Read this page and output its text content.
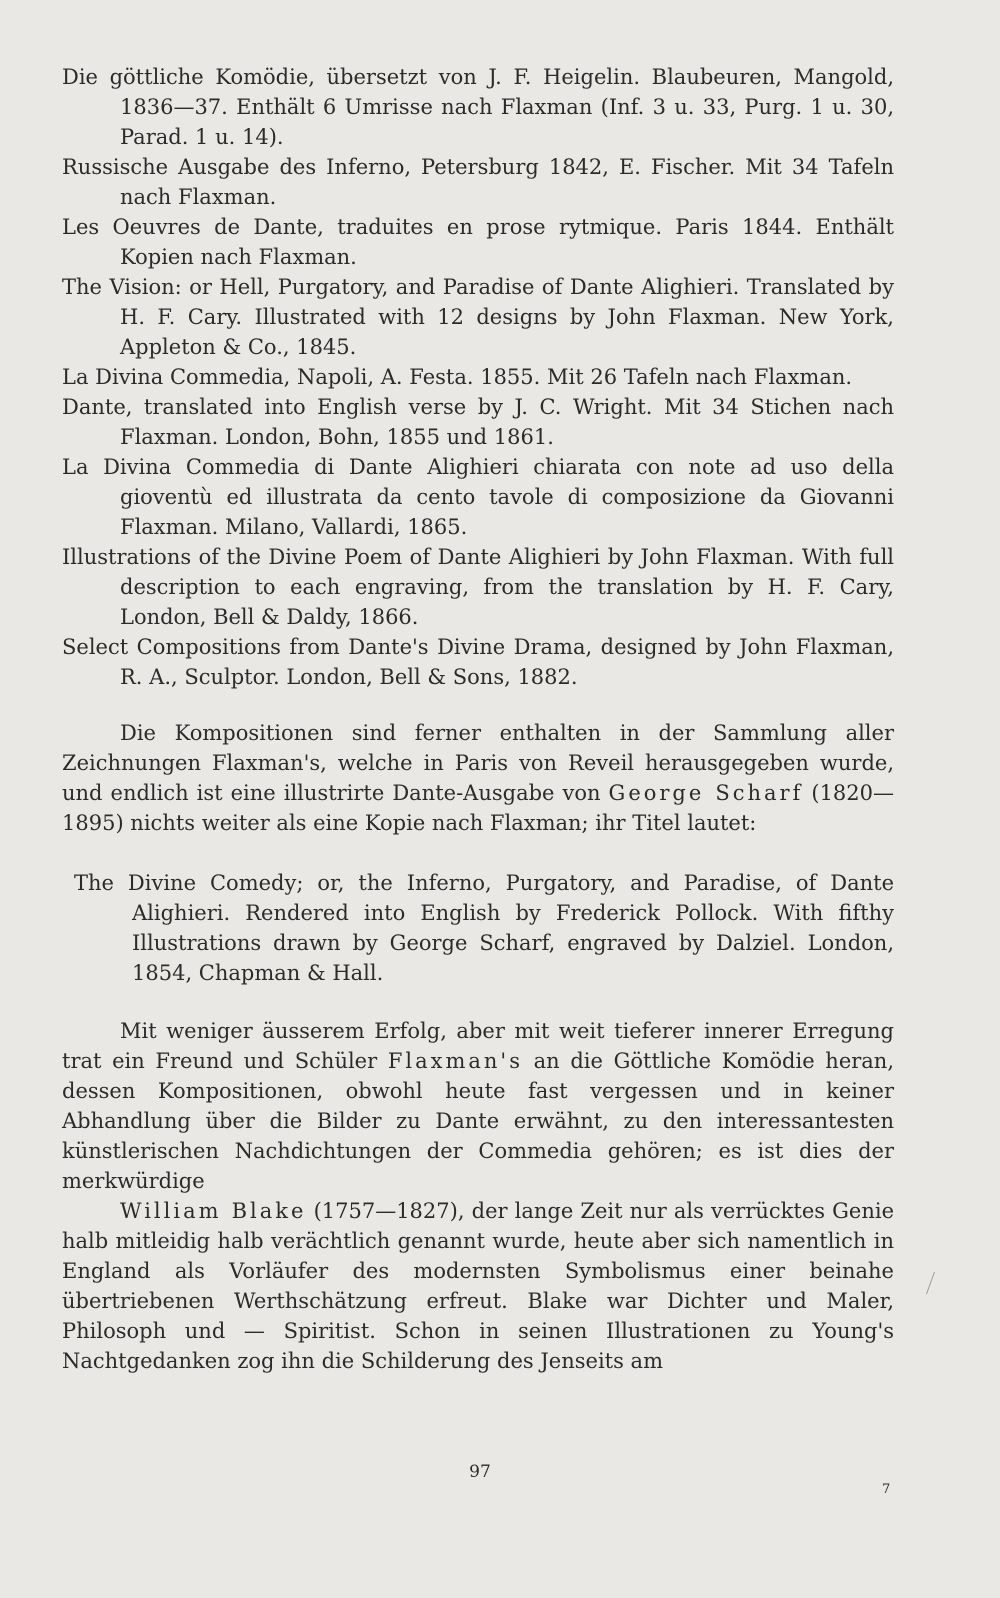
Die göttliche Komödie, übersetzt von J. F. Heigelin. Blaubeuren, Mangold, 1836—37. Enthält 6 Umrisse nach Flaxman (Inf. 3 u. 33, Purg. 1 u. 30, Parad. 1 u. 14).

Russische Ausgabe des Inferno, Petersburg 1842, E. Fischer. Mit 34 Tafeln nach Flaxman.

Les Oeuvres de Dante, traduites en prose rytmique. Paris 1844. Enthält Kopien nach Flaxman.

The Vision: or Hell, Purgatory, and Paradise of Dante Alighieri. Translated by H. F. Cary. Illustrated with 12 designs by John Flaxman. New York, Appleton & Co., 1845.

La Divina Commedia, Napoli, A. Festa. 1855. Mit 26 Tafeln nach Flaxman.

Dante, translated into English verse by J. C. Wright. Mit 34 Stichen nach Flaxman. London, Bohn, 1855 und 1861.

La Divina Commedia di Dante Alighieri chiarata con note ad uso della gioventù ed illustrata da cento tavole di composizione da Giovanni Flaxman. Milano, Vallardi, 1865.

Illustrations of the Divine Poem of Dante Alighieri by John Flaxman. With full description to each engraving, from the translation by H. F. Cary, London, Bell & Daldy, 1866.

Select Compositions from Dante's Divine Drama, designed by John Flaxman, R. A., Sculptor. London, Bell & Sons, 1882.

Die Kompositionen sind ferner enthalten in der Sammlung aller Zeichnungen Flaxman's, welche in Paris von Reveil herausgegeben wurde, und endlich ist eine illustrirte Dante-Ausgabe von George Scharf (1820—1895) nichts weiter als eine Kopie nach Flaxman; ihr Titel lautet:

The Divine Comedy; or, the Inferno, Purgatory, and Paradise, of Dante Alighieri. Rendered into English by Frederick Pollock. With fifthy Illustrations drawn by George Scharf, engraved by Dalziel. London, 1854, Chapman & Hall.

Mit weniger äusserem Erfolg, aber mit weit tieferer innerer Erregung trat ein Freund und Schüler Flaxman's an die Göttliche Komödie heran, dessen Kompositionen, obwohl heute fast vergessen und in keiner Abhandlung über die Bilder zu Dante erwähnt, zu den interessantesten künstlerischen Nachdichtungen der Commedia gehören; es ist dies der merkwürdige

William Blake (1757—1827), der lange Zeit nur als verrücktes Genie halb mitleidig halb verächtlich genannt wurde, heute aber sich namentlich in England als Vorläufer des modernsten Symbolismus einer beinahe übertriebenen Werthschätzung erfreut. Blake war Dichter und Maler, Philosoph und — Spiritist. Schon in seinen Illustrationen zu Young's Nachtgedanken zog ihn die Schilderung des Jenseits am

97
7
